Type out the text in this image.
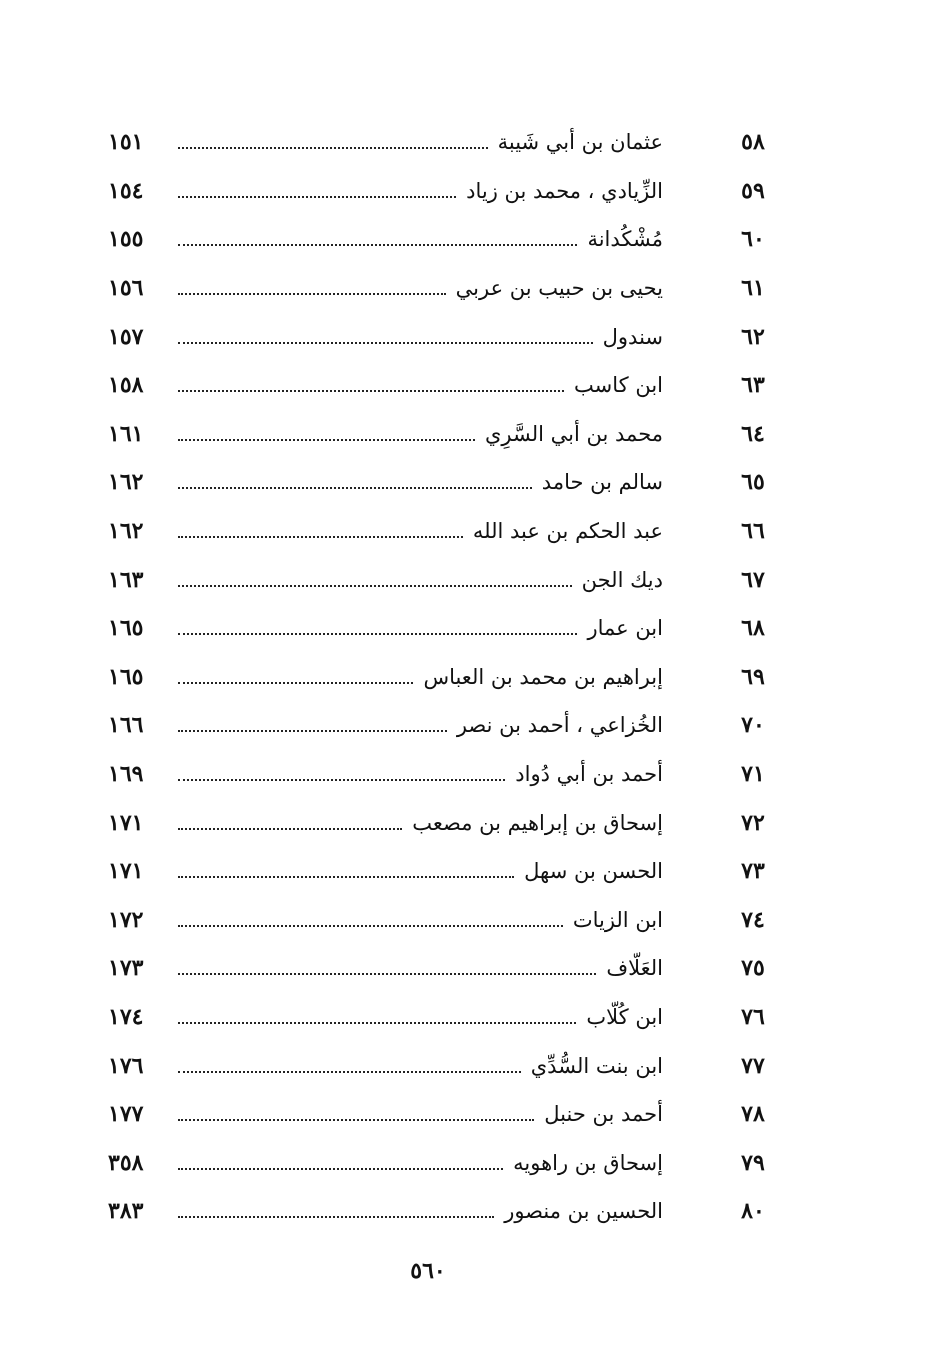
٥٨
عثمان بن أبي شَيبة
١٥١
٥٩
الزِّيادي ، محمد بن زياد
١٥٤
٦٠
مُشْكُدانة
١٥٥
٦١
يحيى بن حبيب بن عربي
١٥٦
٦٢
سندول
١٥٧
٦٣
ابن كاسب
١٥٨
٦٤
محمد بن أبي السَّرِي
١٦١
٦٥
سالم بن حامد
١٦٢
٦٦
عبد الحكم بن عبد الله
١٦٢
٦٧
ديك الجن
١٦٣
٦٨
ابن عمار
١٦٥
٦٩
إبراهيم بن محمد بن العباس
١٦٥
٧٠
الخُزاعي ، أحمد بن نصر
١٦٦
٧١
أحمد بن أبي دُواد
١٦٩
٧٢
إسحاق بن إبراهيم بن مصعب
١٧١
٧٣
الحسن بن سهل
١٧١
٧٤
ابن الزيات
١٧٢
٧٥
العَلّاف
١٧٣
٧٦
ابن كُلّاب
١٧٤
٧٧
ابن بنت السُّدِّي
١٧٦
٧٨
أحمد بن حنبل
١٧٧
٧٩
إسحاق بن راهويه
٣٥٨
٨٠
الحسين بن منصور
٣٨٣
٥٦٠
